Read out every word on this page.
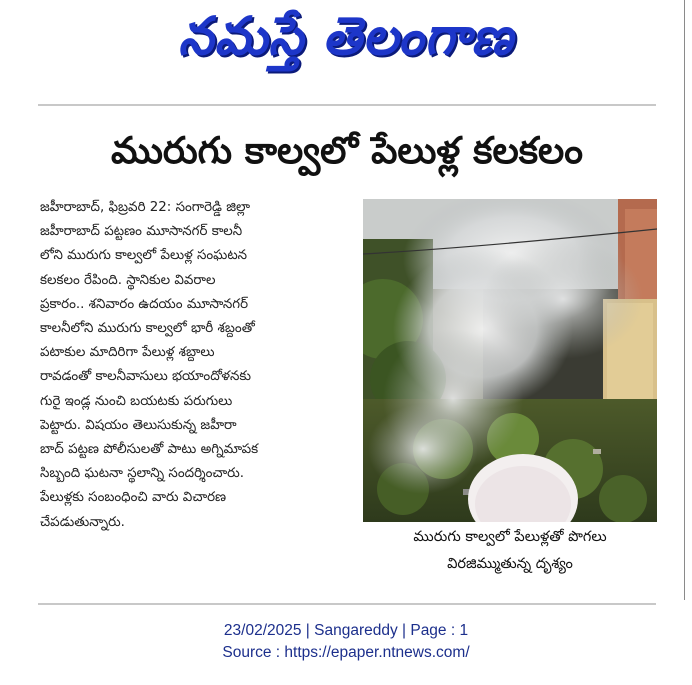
నమస్తే తెలంగాణ
మురుగు కాల్వలో పేలుళ్ల కలకలం
జహీరాబాద్, ఫిబ్రవరి 22: సంగారెడ్డి జిల్లా
జహీరాబాద్ పట్టణం మూసానగర్ కాలనీ
లోని మురుగు కాల్వలో పేలుళ్ల సంఘటన
కలకలం రేపింది. స్థానికుల వివరాల
ప్రకారం.. శనివారం ఉదయం మూసానగర్
కాలనీలోని మురుగు కాల్వలో భారీ శబ్దంతో
పటాకుల మాదిరిగా పేలుళ్ల శబ్దాలు
రావడంతో కాలనీవాసులు భయాందోళనకు
గురై ఇండ్ల నుంచి బయటకు పరుగులు
పెట్టారు. విషయం తెలుసుకున్న జహీరా
బాద్ పట్టణ పోలీసులతో పాటు అగ్నిమాపక
సిబ్బంది ఘటనా స్థలాన్ని సందర్శించారు.
పేలుళ్లకు సంబంధించి వారు విచారణ
చేపడుతున్నారు.
మురుగు కాల్వలో పేలుళ్లతో పొగలు
విరజిమ్ముతున్న దృశ్యం
23/02/2025 | Sangareddy | Page : 1
Source : https://epaper.ntnews.com/
